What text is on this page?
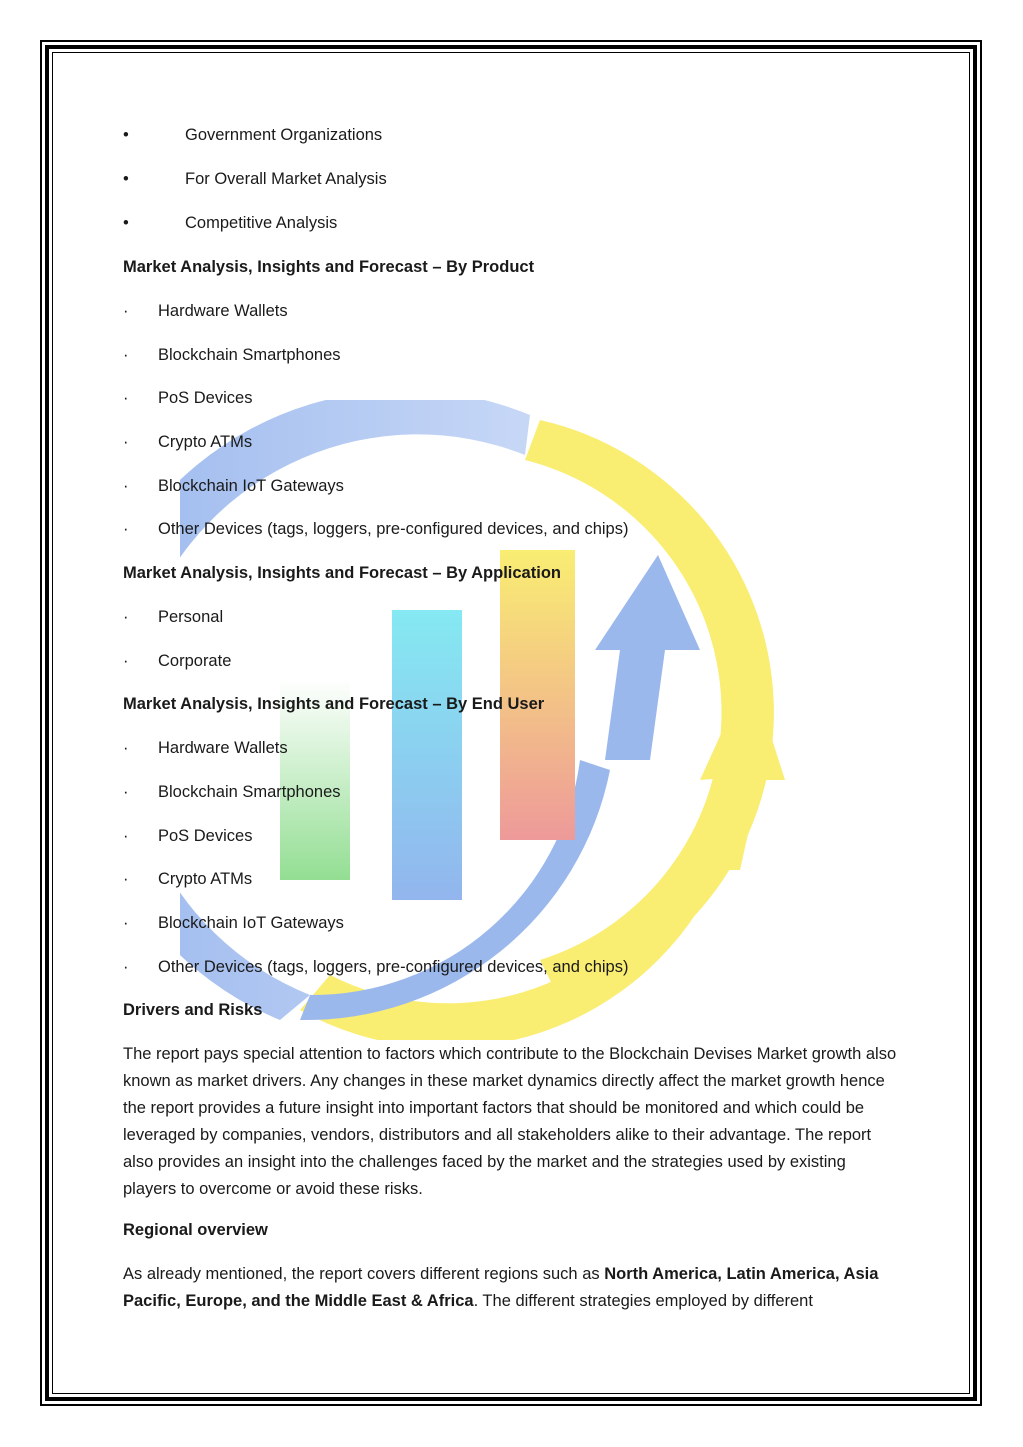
•	Government Organizations
•	For Overall Market Analysis
•	Competitive Analysis
Market Analysis, Insights and Forecast – By Product
· Hardware Wallets
· Blockchain Smartphones
· PoS Devices
· Crypto ATMs
· Blockchain IoT Gateways
· Other Devices (tags, loggers, pre-configured devices, and chips)
Market Analysis, Insights and Forecast – By Application
· Personal
· Corporate
Market Analysis, Insights and Forecast – By End User
· Hardware Wallets
· Blockchain Smartphones
· PoS Devices
· Crypto ATMs
· Blockchain IoT Gateways
· Other Devices (tags, loggers, pre-configured devices, and chips)
Drivers and Risks
The report pays special attention to factors which contribute to the Blockchain Devises Market growth also known as market drivers. Any changes in these market dynamics directly affect the market growth hence the report provides a future insight into important factors that should be monitored and which could be leveraged by companies, vendors, distributors and all stakeholders alike to their advantage. The report also provides an insight into the challenges faced by the market and the strategies used by existing players to overcome or avoid these risks.
Regional overview
As already mentioned, the report covers different regions such as North America, Latin America, Asia Pacific, Europe, and the Middle East & Africa. The different strategies employed by different
